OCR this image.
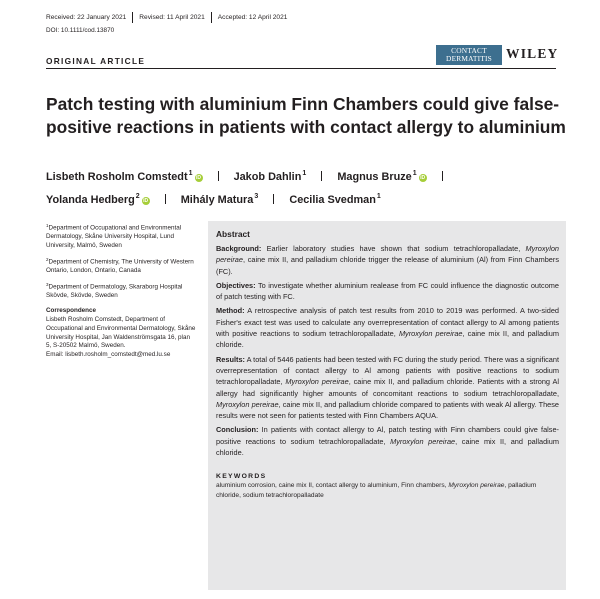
Received: 22 January 2021 Revised: 11 April 2021 Accepted: 12 April 2021
DOI: 10.1111/cod.13870
ORIGINAL ARTICLE
CONTACT
DERMATITIS	WILEY
Patch testing with aluminium Finn Chambers could give false-positive reactions in patients with contact allergy to aluminium
Lisbeth Rosholm Comstedt$^1$iD	Jakob Dahlin$^1$	Magnus Bruze$^1$iD
Yolanda Hedberg$^2$iD	Mihály Matura$^3$	Cecilia Svedman$^1$
$^1$Department of Occupational and Environmental Dermatology, Skåne University Hospital, Lund University, Malmö, Sweden
$^2$Department of Chemistry, The University of Western Ontario, London, Ontario, Canada
$^3$Department of Dermatology, Skaraborg Hospital Skövde, Skövde, Sweden
Correspondence
Lisbeth Rosholm Comstedt, Department of Occupational and Environmental Dermatology, Skåne University Hospital, Jan Waldenströmsgata 16, plan 5, S-20502 Malmö, Sweden.
Email: lisbeth.rosholm_comstedt@med.lu.se
Abstract

Background: Earlier laboratory studies have shown that sodium tetrachloropalladate, Myroxylon pereirae, caine mix II, and palladium chloride trigger the release of aluminium (Al) from Finn Chambers (FC).

Objectives: To investigate whether aluminium realease from FC could influence the diagnostic outcome of patch testing with FC.

Method: A retrospective analysis of patch test results from 2010 to 2019 was performed. A two-sided Fisher's exact test was used to calculate any overrepresentation of contact allergy to Al among patients with positive reactions to sodium tetrachloropalladate, Myroxylon pereirae, caine mix II, and palladium chloride.

Results: A total of 5446 patients had been tested with FC during the study period. There was a significant overrepresentation of contact allergy to Al among patients with positive reactions to sodium tetrachloropalladate, Myroxylon pereirae, caine mix II, and palladium chloride. Patients with a strong Al allergy had significantly higher amounts of concomitant reactions to sodium tetrachloropalladate, Myroxylon pereirae, caine mix II, and palladium chloride compared to patients with weak Al allergy. These results were not seen for patients tested with Finn Chambers AQUA.

Conclusion: In patients with contact allergy to Al, patch testing with Finn chambers could give false-positive reactions to sodium tetrachloropalladate, Myroxylon pereirae, caine mix II, and palladium chloride.

KEYWORDS
aluminium corrosion, caine mix II, contact allergy to aluminium, Finn chambers, Myroxylon pereirae, palladium chloride, sodium tetrachloropalladate
